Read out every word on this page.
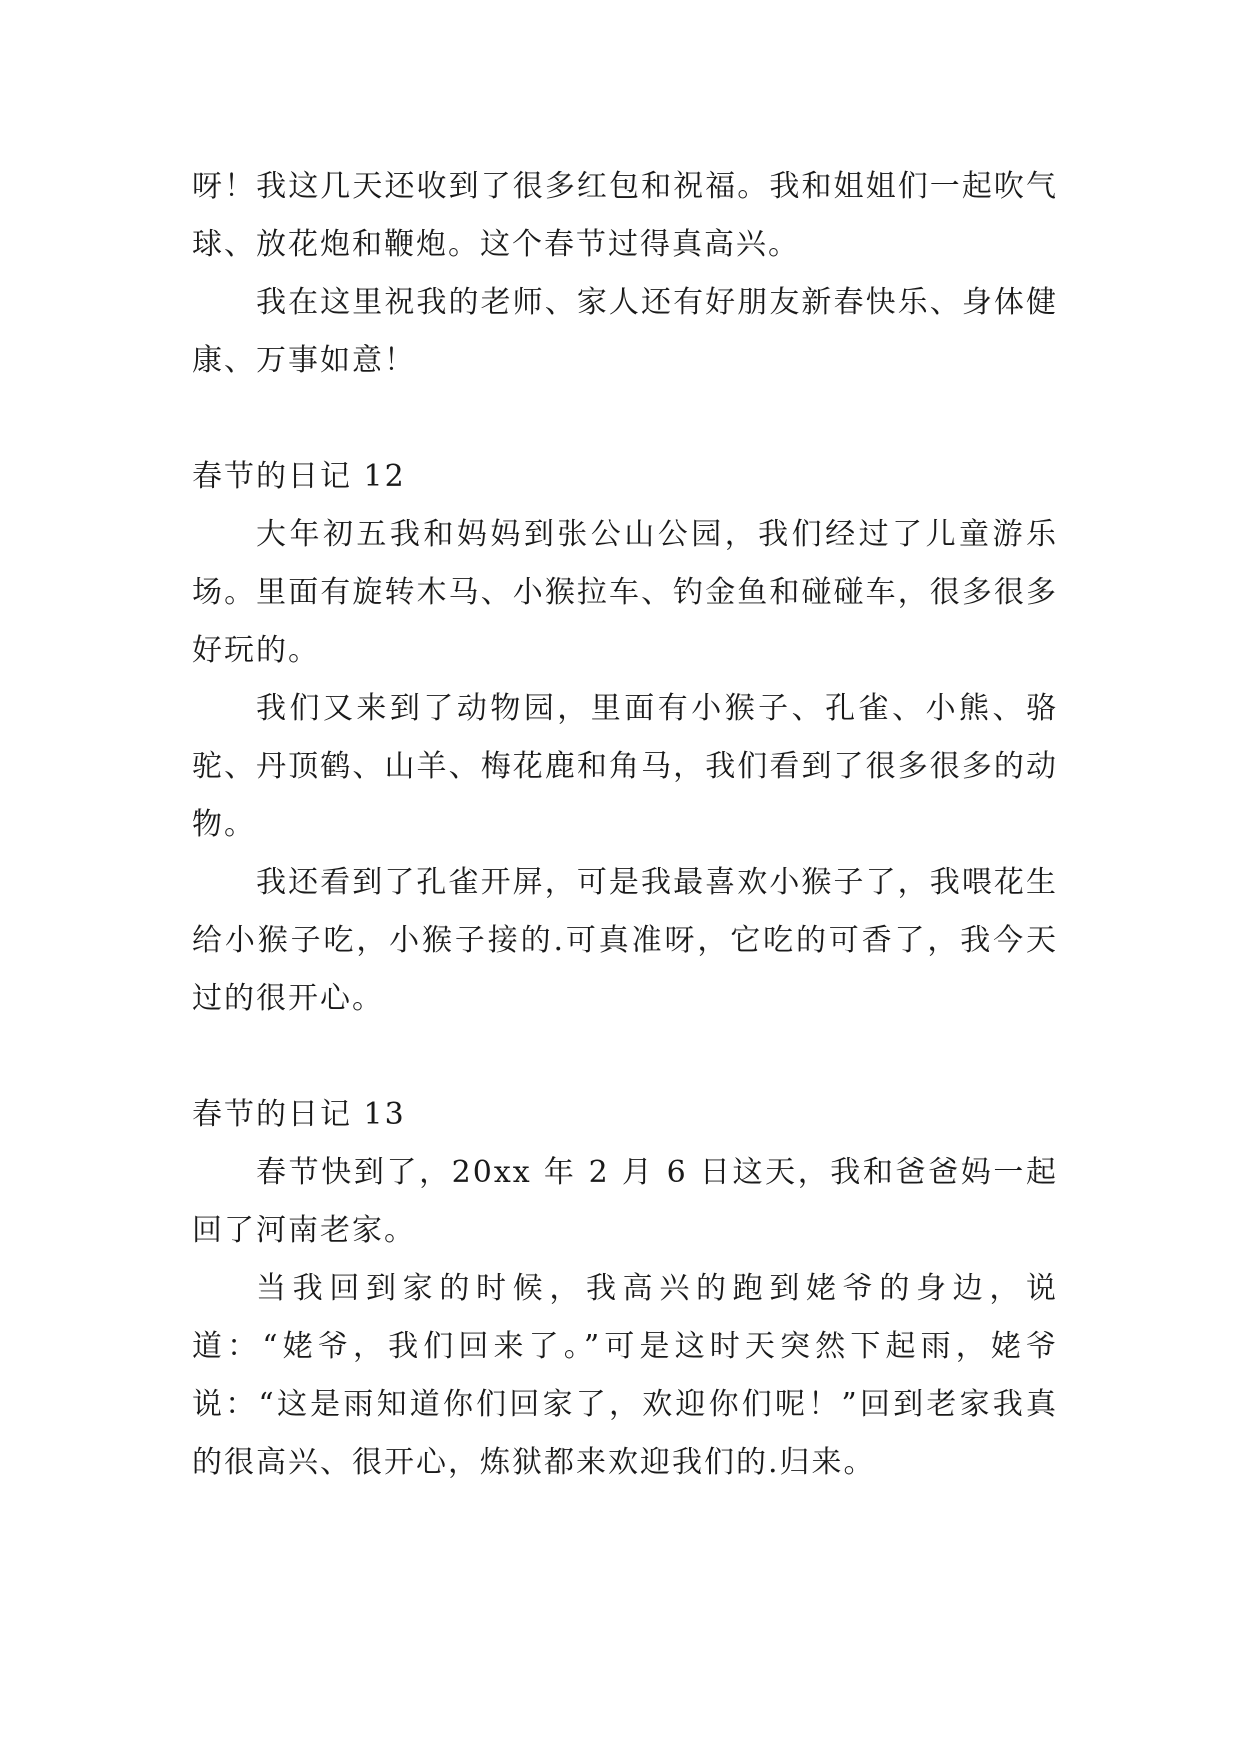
呀！我这几天还收到了很多红包和祝福。我和姐姐们一起吹气球、放花炮和鞭炮。这个春节过得真高兴。

我在这里祝我的老师、家人还有好朋友新春快乐、身体健康、万事如意！

春节的日记 12

大年初五我和妈妈到张公山公园，我们经过了儿童游乐场。里面有旋转木马、小猴拉车、钓金鱼和碰碰车，很多很多好玩的。

我们又来到了动物园，里面有小猴子、孔雀、小熊、骆驼、丹顶鹤、山羊、梅花鹿和角马，我们看到了很多很多的动物。

我还看到了孔雀开屏，可是我最喜欢小猴子了，我喂花生给小猴子吃，小猴子接的.可真准呀，它吃的可香了，我今天过的很开心。

春节的日记 13

春节快到了，20xx 年 2 月 6 日这天，我和爸爸妈一起回了河南老家。

当我回到家的时候，我高兴的跑到姥爷的身边，说道：“姥爷，我们回来了。”可是这时天突然下起雨，姥爷说：“这是雨知道你们回家了，欢迎你们呢！”回到老家我真的很高兴、很开心，炼狱都来欢迎我们的.归来。
